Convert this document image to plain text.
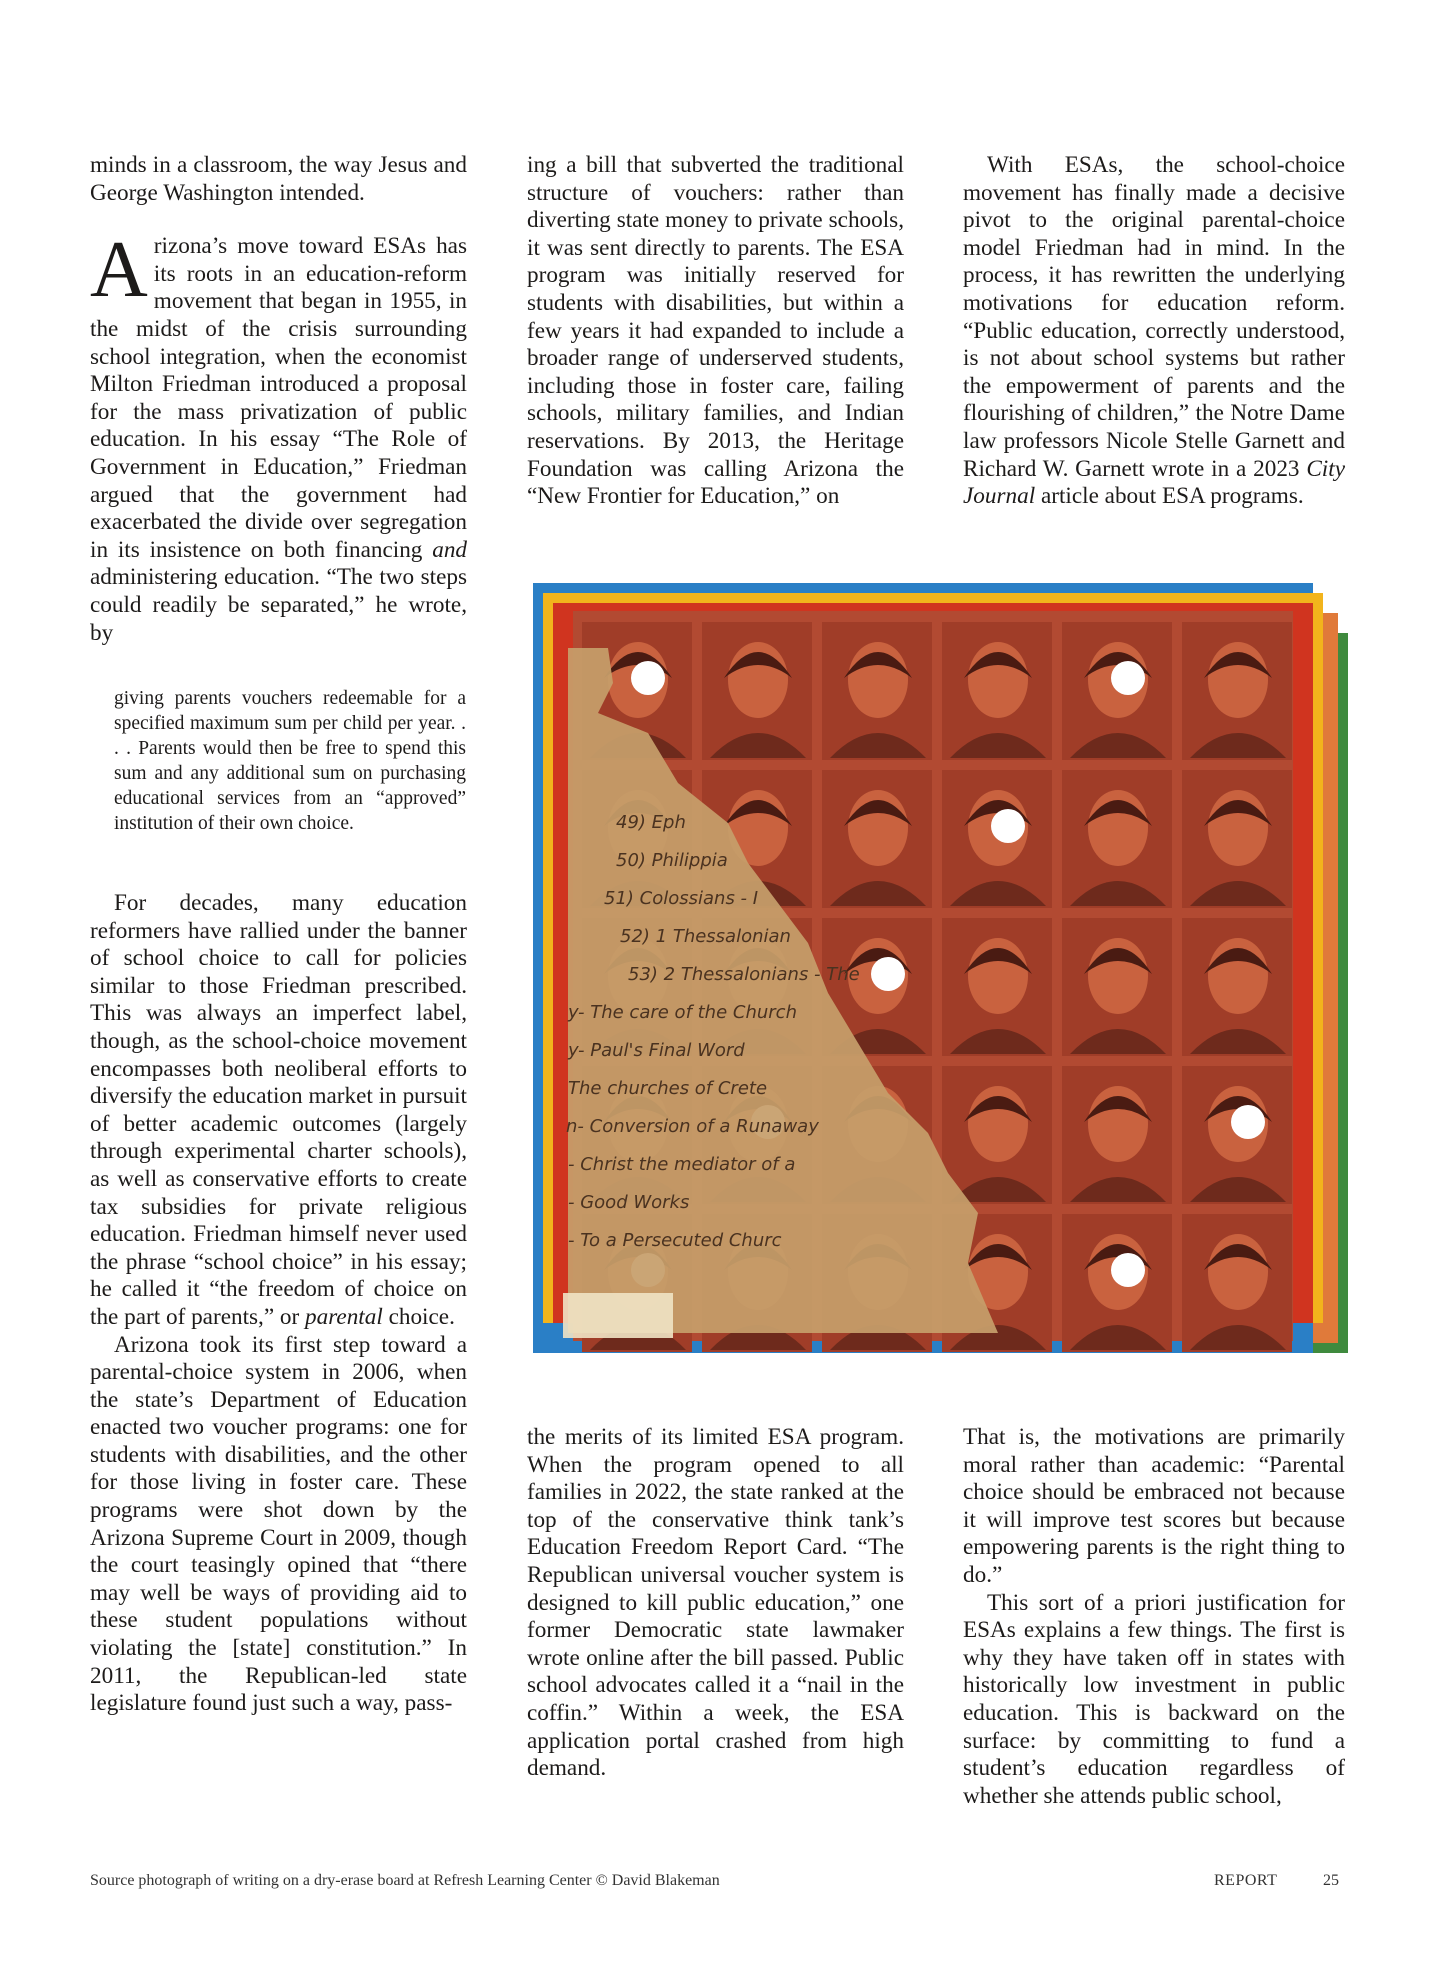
minds in a classroom, the way Jesus and George Washington intended.

Arizona’s move toward ESAs has its roots in an education-reform movement that began in 1955, in the midst of the crisis surrounding school integration, when the economist Milton Friedman introduced a proposal for the mass privatization of public education. In his essay “The Role of Government in Education,” Friedman argued that the government had exacerbated the divide over segregation in its insistence on both financing and administering education. “The two steps could readily be separated,” he wrote, by

giving parents vouchers redeemable for a specified maximum sum per child per year. . . . Parents would then be free to spend this sum and any additional sum on purchasing educational services from an “approved” institution of their own choice.

For decades, many education reformers have rallied under the banner of school choice to call for policies similar to those Friedman prescribed. This was always an imperfect label, though, as the school-choice movement encompasses both neoliberal efforts to diversify the education market in pursuit of better academic outcomes (largely through experimental charter schools), as well as conservative efforts to create tax subsidies for private religious education. Friedman himself never used the phrase “school choice” in his essay; he called it “the freedom of choice on the part of parents,” or parental choice.

Arizona took its first step toward a parental-choice system in 2006, when the state’s Department of Education enacted two voucher programs: one for students with disabilities, and the other for those living in foster care. These programs were shot down by the Arizona Supreme Court in 2009, though the court teasingly opined that “there may well be ways of providing aid to these student populations without violating the [state] constitution.” In 2011, the Republican-led state legislature found just such a way, pass-

ing a bill that subverted the traditional structure of vouchers: rather than diverting state money to private schools, it was sent directly to parents. The ESA program was initially reserved for students with disabilities, but within a few years it had expanded to include a broader range of underserved students, including those in foster care, failing schools, military families, and Indian reservations. By 2013, the Heritage Foundation was calling Arizona the “New Frontier for Education,” on

the merits of its limited ESA program. When the program opened to all families in 2022, the state ranked at the top of the conservative think tank’s Education Freedom Report Card. “The Republican universal voucher system is designed to kill public education,” one former Democratic state lawmaker wrote online after the bill passed. Public school advocates called it a “nail in the coffin.” Within a week, the ESA application portal crashed from high demand.

With ESAs, the school-choice movement has finally made a decisive pivot to the original parental-choice model Friedman had in mind. In the process, it has rewritten the underlying motivations for education reform. “Public education, correctly understood, is not about school systems but rather the empowerment of parents and the flourishing of children,” the Notre Dame law professors Nicole Stelle Garnett and Richard W. Garnett wrote in a 2023 City Journal article about ESA programs.

That is, the motivations are primarily moral rather than academic: “Parental choice should be embraced not because it will improve test scores but because empowering parents is the right thing to do.”

This sort of a priori justification for ESAs explains a few things. The first is why they have taken off in states with historically low investment in public education. This is backward on the surface: by committing to fund a student’s education regardless of whether she attends public school,

49) Eph
50) Philippia
51) Colossians - I
52) 1 Thessalonian
53) 2 Thessalonians - The
y- The care of the Church
y- Paul's Final Word
The churches of Crete
n- Conversion of a Runaway
- Christ the mediator of a
- Good Works
- To a Persecuted Churc
Source photograph of writing on a dry-erase board at Refresh Learning Center © David Blakeman	REPORT	25
